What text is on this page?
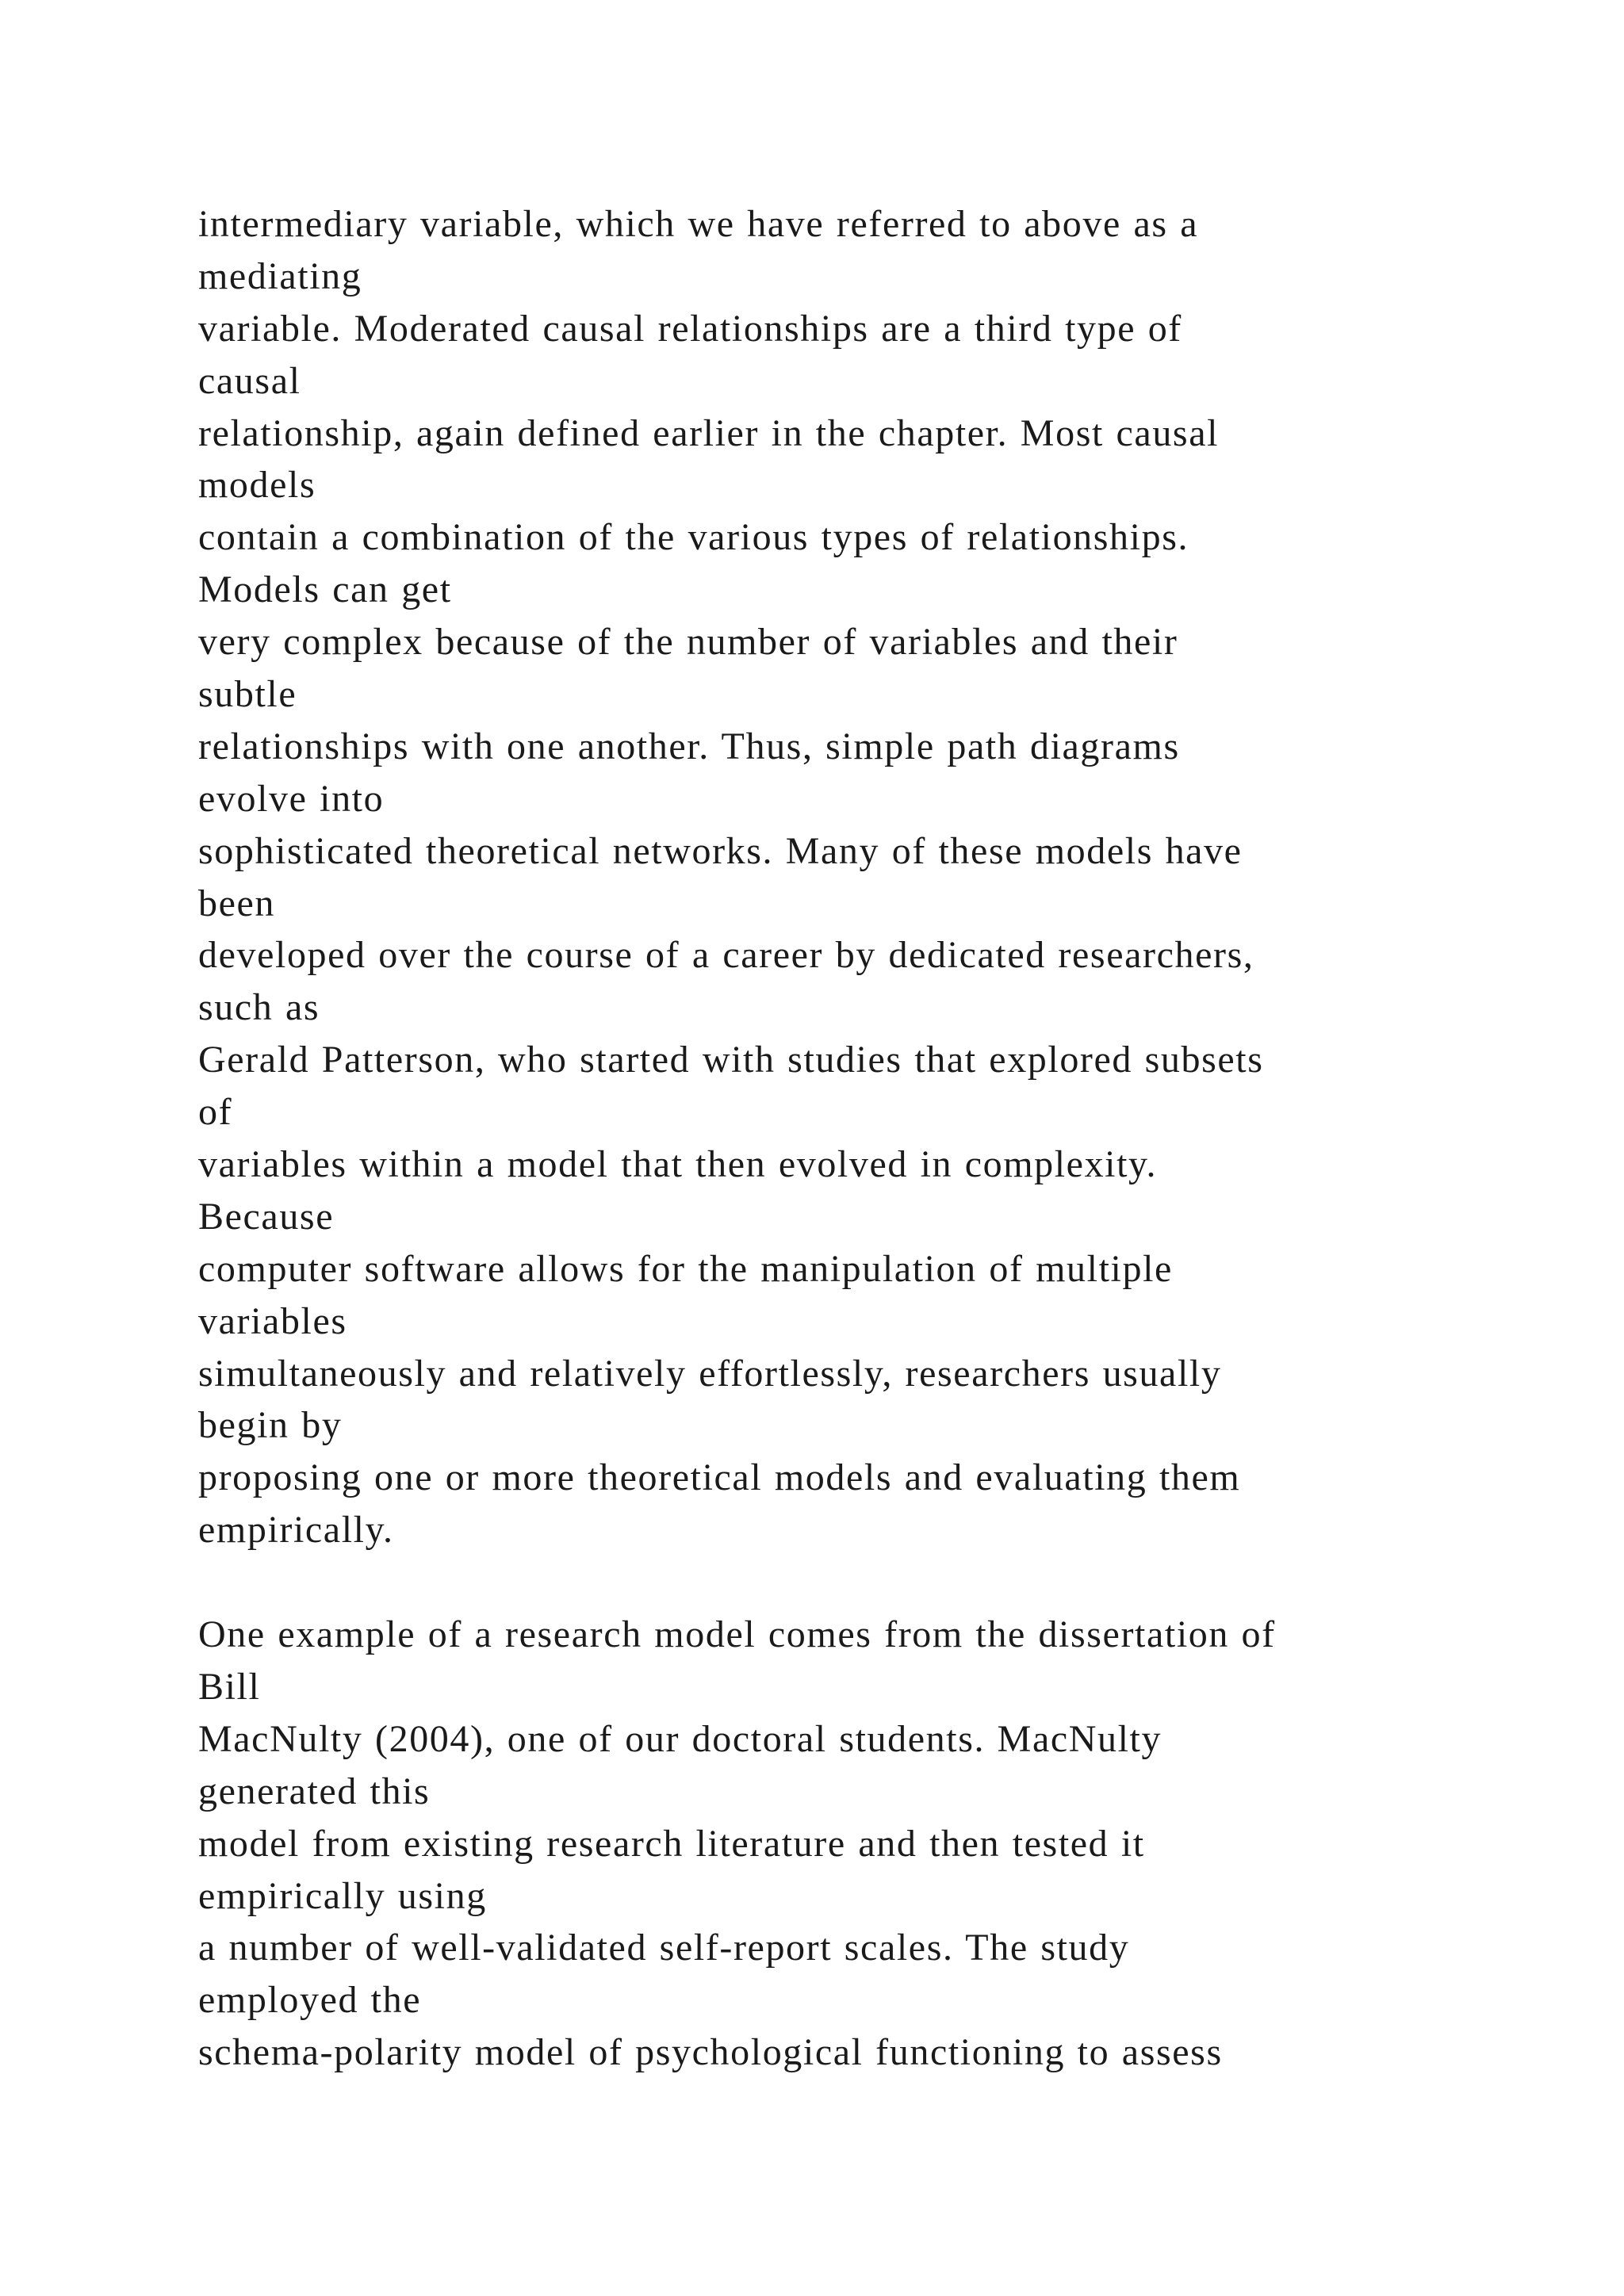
intermediary variable, which we have referred to above as a
mediating
variable. Moderated causal relationships are a third type of
causal
relationship, again defined earlier in the chapter. Most causal
models
contain a combination of the various types of relationships.
Models can get
very complex because of the number of variables and their
subtle
relationships with one another. Thus, simple path diagrams
evolve into
sophisticated theoretical networks. Many of these models have
been
developed over the course of a career by dedicated researchers,
such as
Gerald Patterson, who started with studies that explored subsets
of
variables within a model that then evolved in complexity.
Because
computer software allows for the manipulation of multiple
variables
simultaneously and relatively effortlessly, researchers usually
begin by
proposing one or more theoretical models and evaluating them
empirically.
One example of a research model comes from the dissertation of
Bill
MacNulty (2004), one of our doctoral students. MacNulty
generated this
model from existing research literature and then tested it
empirically using
a number of well-validated self-report scales. The study
employed the
schema-polarity model of psychological functioning to assess
